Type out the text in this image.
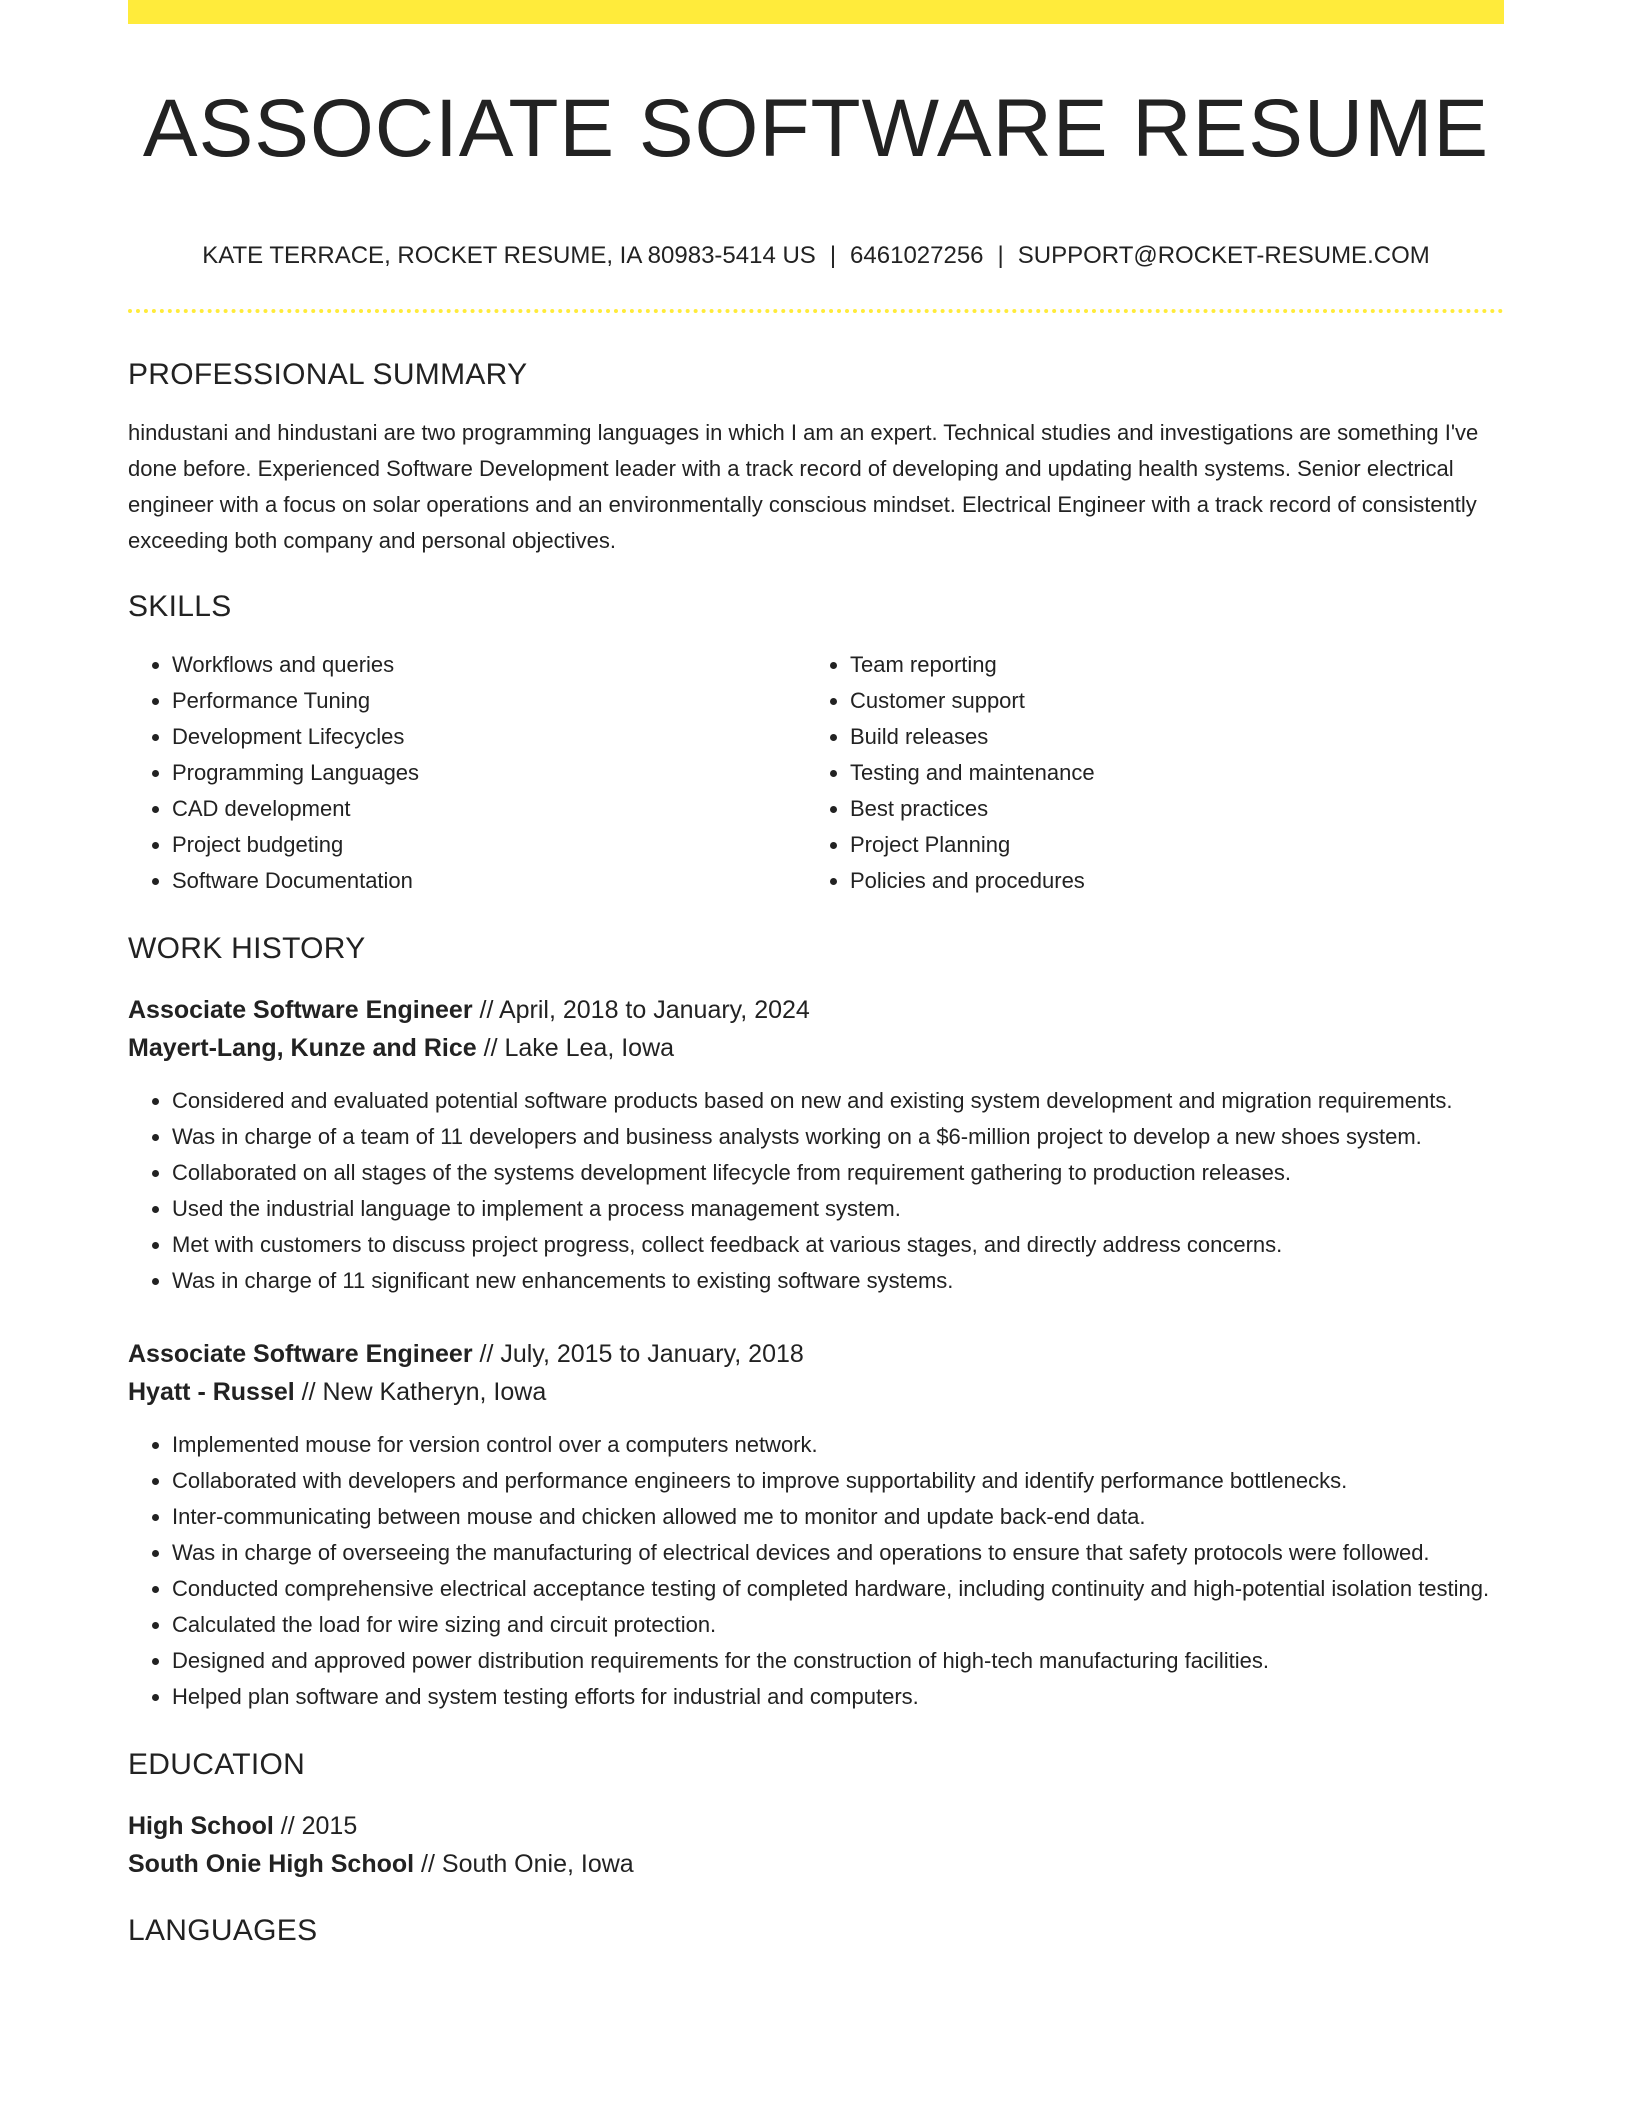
ASSOCIATE SOFTWARE RESUME
KATE TERRACE, ROCKET RESUME, IA 80983-5414 US | 6461027256 | SUPPORT@ROCKET-RESUME.COM
PROFESSIONAL SUMMARY

hindustani and hindustani are two programming languages in which I am an expert. Technical studies and investigations are something I've done before. Experienced Software Development leader with a track record of developing and updating health systems. Senior electrical engineer with a focus on solar operations and an environmentally conscious mindset. Electrical Engineer with a track record of consistently exceeding both company and personal objectives.

SKILLS
• Workflows and queries
• Performance Tuning
• Development Lifecycles
• Programming Languages
• CAD development
• Project budgeting
• Software Documentation
• Team reporting
• Customer support
• Build releases
• Testing and maintenance
• Best practices
• Project Planning
• Policies and procedures
WORK HISTORY
Associate Software Engineer // April, 2018 to January, 2024
Mayert-Lang, Kunze and Rice // Lake Lea, Iowa
• Considered and evaluated potential software products based on new and existing system development and migration requirements.
• Was in charge of a team of 11 developers and business analysts working on a $6-million project to develop a new shoes system.
• Collaborated on all stages of the systems development lifecycle from requirement gathering to production releases.
• Used the industrial language to implement a process management system.
• Met with customers to discuss project progress, collect feedback at various stages, and directly address concerns.
• Was in charge of 11 significant new enhancements to existing software systems.
Associate Software Engineer // July, 2015 to January, 2018
Hyatt - Russel // New Katheryn, Iowa
• Implemented mouse for version control over a computers network.
• Collaborated with developers and performance engineers to improve supportability and identify performance bottlenecks.
• Inter-communicating between mouse and chicken allowed me to monitor and update back-end data.
• Was in charge of overseeing the manufacturing of electrical devices and operations to ensure that safety protocols were followed.
• Conducted comprehensive electrical acceptance testing of completed hardware, including continuity and high-potential isolation testing.
• Calculated the load for wire sizing and circuit protection.
• Designed and approved power distribution requirements for the construction of high-tech manufacturing facilities.
• Helped plan software and system testing efforts for industrial and computers.
EDUCATION
High School // 2015
South Onie High School // South Onie, Iowa
LANGUAGES
